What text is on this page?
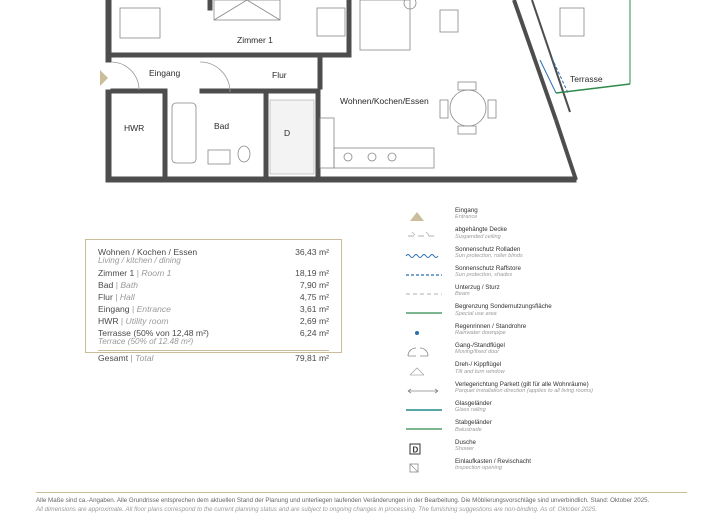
Zimmer 1
Eingang	Flur
Wohnen/Kochen/Essen
HWR	Bad
D
Terrasse
Wohnen / Kochen / Essen
Living / kitchen / dining
36,43 m²
Zimmer 1 | Room 1	18,19 m²
Bad | Bath	7,90 m²
Flur | Hall	4,75 m²
Eingang | Entrance	3,61 m²
HWR | Utility room	2,69 m²
Terrasse (50% von 12,48 m²)
Terrace (50% of 12.48 m²)
6,24 m²
Gesamt | Total	79,81 m²
Eingang
Entrance
abgehängte Decke
Suspended ceiling
Sonnenschutz Rolladen
Sun protection, roller blinds
Sonnenschutz Raffstore
Sun protection, shades
Unterzug / Sturz
Beam
Begrenzung Sondernutzungsfläche
Special use area
Regenrinnen / Standrohre
Rainwater downpipe
Gang-/Standflügel
Moving/fixed door
Dreh-/ Kippflügel
Tilt and turn window
Verlegerichtung Parkett (gilt für alle Wohnräume)
Parquet installation direction (applies to all living rooms)
Glasgeländer
Glass railing
Stabgeländer
Balustrade
D
Dusche
Shower
Einlaufkasten / Revischacht
Inspection opening
Alle Maße sind ca.-Angaben. Alle Grundrisse entsprechen dem aktuellen Stand der Planung und unterliegen laufenden Veränderungen in der Bearbeitung. Die Möblierungsvorschläge sind unverbindlich. Stand: Oktober 2025.
All dimensions are approximate. All floor plans correspond to the current planning status and are subject to ongoing changes in processing. The furnishing suggestions are non-binding. As of: Oktober 2025.
